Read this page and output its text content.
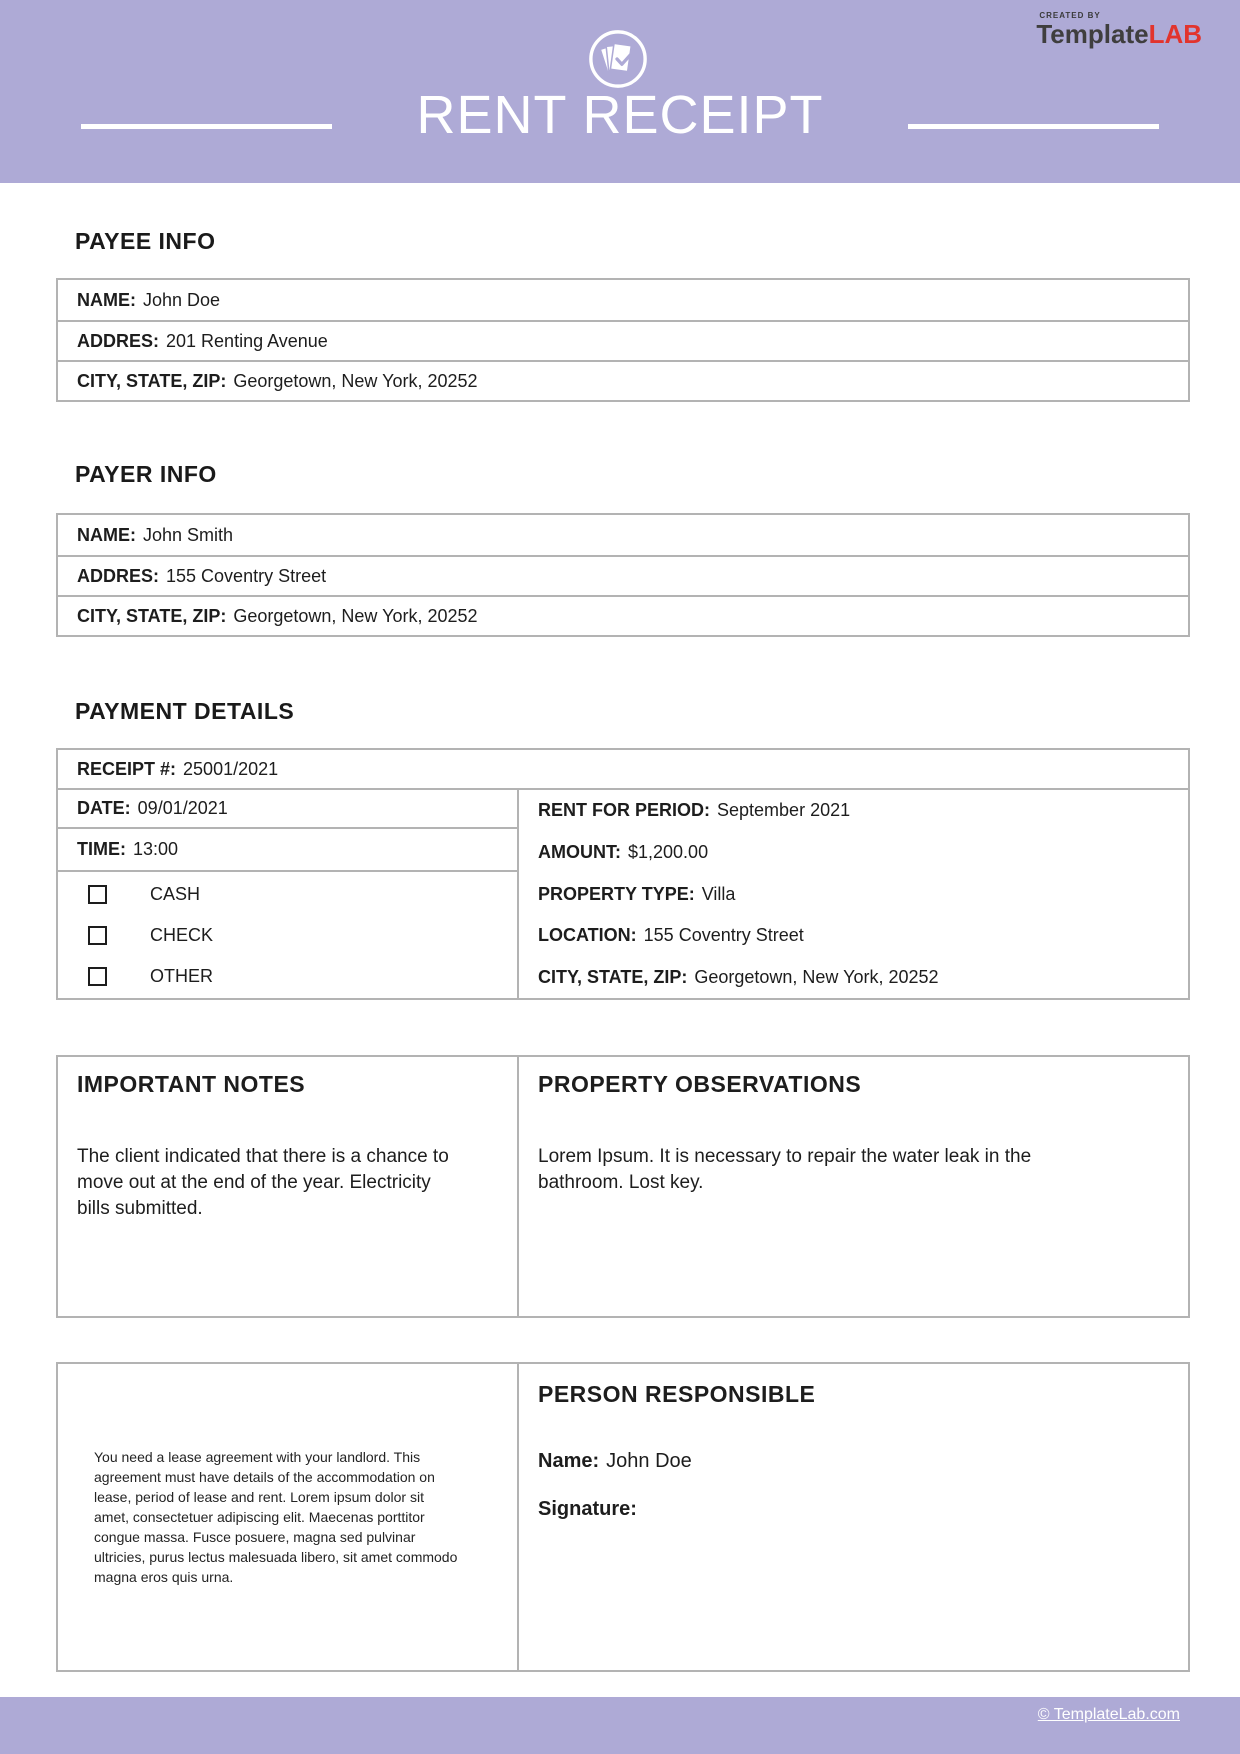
RENT RECEIPT
CREATED BY
TemplateLAB
PAYEE INFO
NAME: John Doe
ADDRES: 201 Renting Avenue
CITY, STATE, ZIP: Georgetown, New York, 20252
PAYER INFO
NAME: John Smith
ADDRES: 155 Coventry Street
CITY, STATE, ZIP: Georgetown, New York, 20252
PAYMENT DETAILS
RECEIPT #: 25001/2021
DATE: 09/01/2021
TIME: 13:00
CASH
CHECK
OTHER
RENT FOR PERIOD: September 2021
AMOUNT: $1,200.00
PROPERTY TYPE: Villa
LOCATION: 155 Coventry Street
CITY, STATE, ZIP: Georgetown, New York, 20252
IMPORTANT NOTES
The client indicated that there is a chance to move out at the end of the year. Electricity bills submitted.
PROPERTY OBSERVATIONS
Lorem Ipsum. It is necessary to repair the water leak in the bathroom. Lost key.
You need a lease agreement with your landlord. This agreement must have details of the accommodation on lease, period of lease and rent. Lorem ipsum dolor sit amet, consectetuer adipiscing elit. Maecenas porttitor congue massa. Fusce posuere, magna sed pulvinar ultricies, purus lectus malesuada libero, sit amet commodo magna eros quis urna.
PERSON RESPONSIBLE
Name: John Doe
Signature:
© TemplateLab.com
